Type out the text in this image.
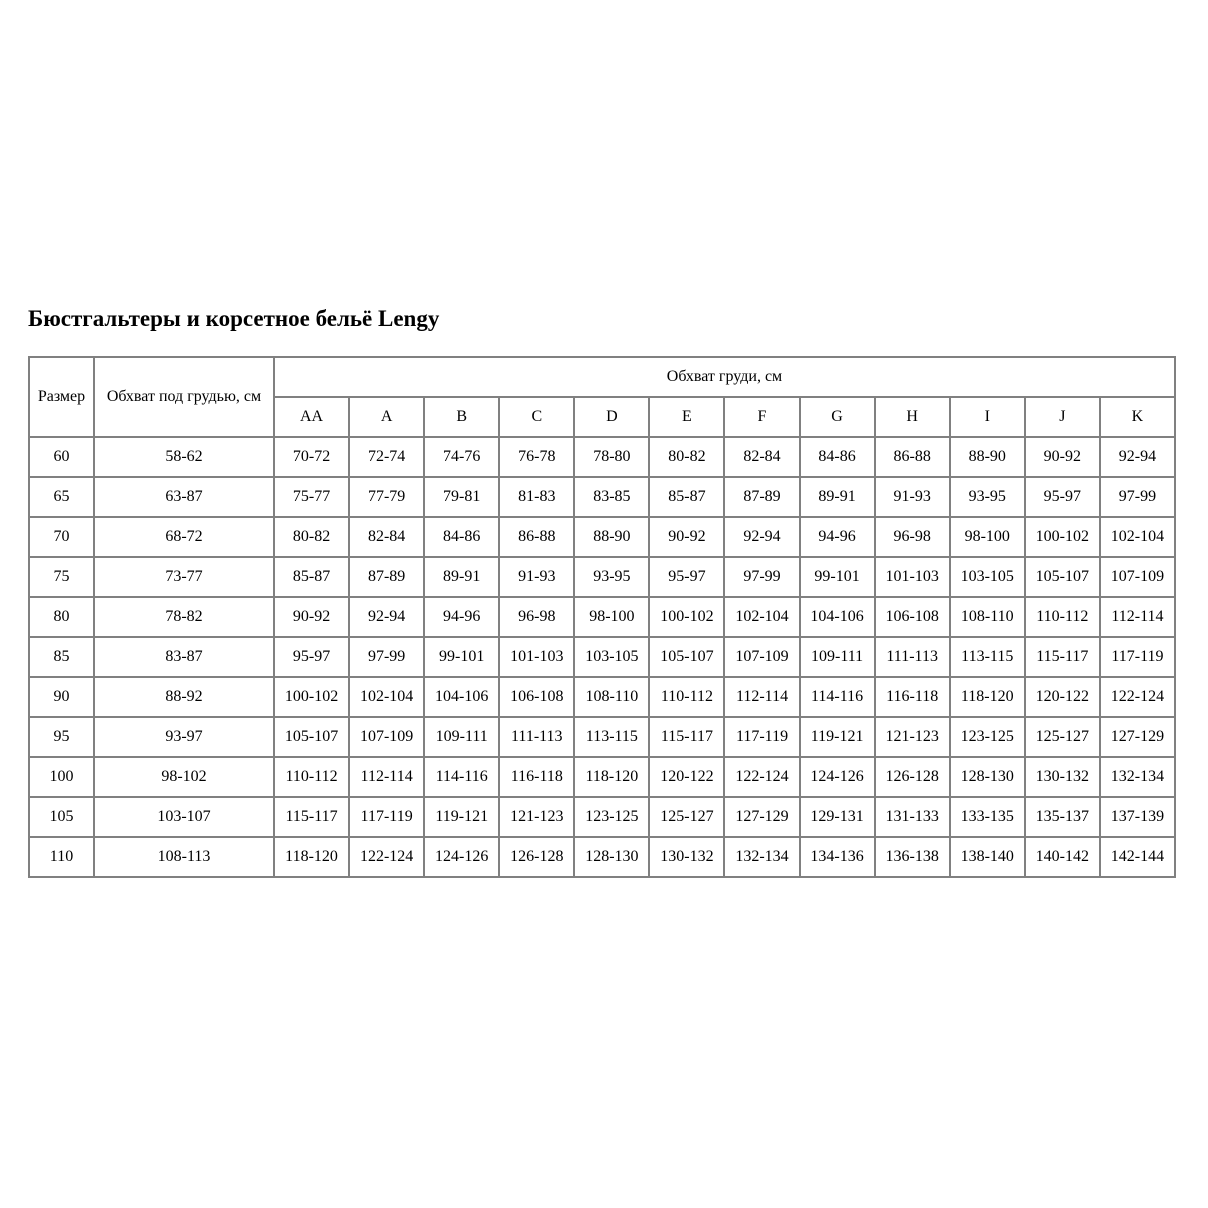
Бюстгальтеры и корсетное бельё Lengy
Размер	Обхват под грудью, см	Обхват груди, см											
		AA	A	B	C	D	E	F	G	H	I	J	K
60	58-62	70-72	72-74	74-76	76-78	78-80	80-82	82-84	84-86	86-88	88-90	90-92	92-94
65	63-87	75-77	77-79	79-81	81-83	83-85	85-87	87-89	89-91	91-93	93-95	95-97	97-99
70	68-72	80-82	82-84	84-86	86-88	88-90	90-92	92-94	94-96	96-98	98-100	100-102	102-104
75	73-77	85-87	87-89	89-91	91-93	93-95	95-97	97-99	99-101	101-103	103-105	105-107	107-109
80	78-82	90-92	92-94	94-96	96-98	98-100	100-102	102-104	104-106	106-108	108-110	110-112	112-114
85	83-87	95-97	97-99	99-101	101-103	103-105	105-107	107-109	109-111	111-113	113-115	115-117	117-119
90	88-92	100-102	102-104	104-106	106-108	108-110	110-112	112-114	114-116	116-118	118-120	120-122	122-124
95	93-97	105-107	107-109	109-111	111-113	113-115	115-117	117-119	119-121	121-123	123-125	125-127	127-129
100	98-102	110-112	112-114	114-116	116-118	118-120	120-122	122-124	124-126	126-128	128-130	130-132	132-134
105	103-107	115-117	117-119	119-121	121-123	123-125	125-127	127-129	129-131	131-133	133-135	135-137	137-139
110	108-113	118-120	122-124	124-126	126-128	128-130	130-132	132-134	134-136	136-138	138-140	140-142	142-144
